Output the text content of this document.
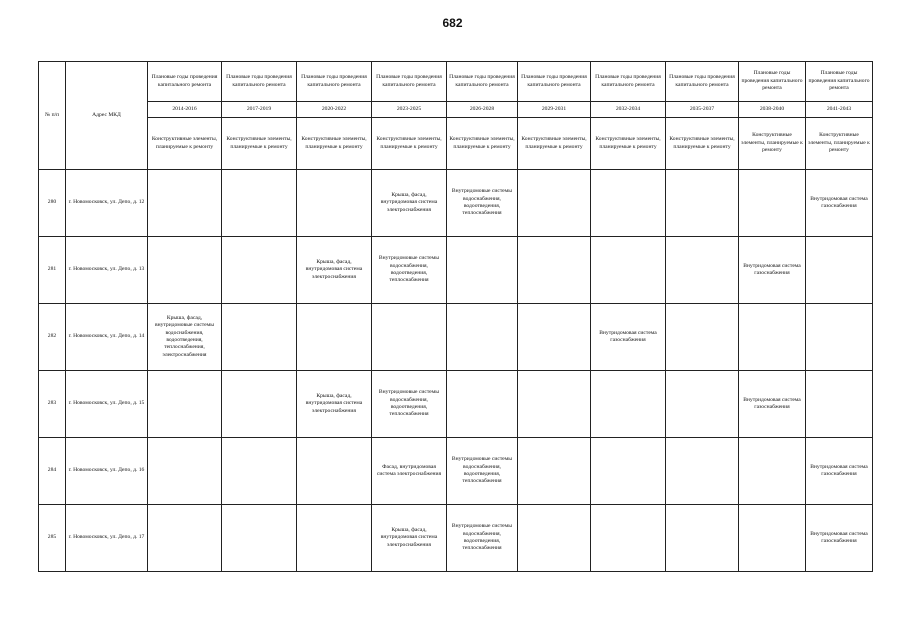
682
№ п/п	Адрес МКД	Плановые годы проведения капитального ремонта	Плановые годы проведения капитального ремонта	Плановые годы проведения капитального ремонта	Плановые годы проведения капитального ремонта	Плановые годы проведения капитального ремонта	Плановые годы проведения капитального ремонта	Плановые годы проведения капитального ремонта	Плановые годы проведения капитального ремонта	Плановые годы проведения капитального ремонта	Плановые годы проведения капитального ремонта
		2014-2016	2017-2019	2020-2022	2023-2025	2026-2028	2029-2031	2032-2034	2035-2037	2038-2040	2041-2043
		Конструктивные элементы, планируемые к ремонту	Конструктивные элементы, планируемые к ремонту	Конструктивные элементы, планируемые к ремонту	Конструктивные элементы, планируемые к ремонту	Конструктивные элементы, планируемые к ремонту	Конструктивные элементы, планируемые к ремонту	Конструктивные элементы, планируемые к ремонту	Конструктивные элементы, планируемые к ремонту	Конструктивные элементы, планируемые к ремонту	Конструктивные элементы, планируемые к ремонту
280	г. Новомосковск, ул. Депо, д. 12				Крыша, фасад, внутридомовая система электроснабжения	Внутридомовые системы водоснабжения, водоотведения, теплоснабжения					Внутридомовая система газоснабжения
281	г. Новомосковск, ул. Депо, д. 13			Крыша, фасад, внутридомовая система электроснабжения	Внутридомовые системы водоснабжения, водоотведения, теплоснабжения					Внутридомовая система газоснабжения	
282	г. Новомосковск, ул. Депо, д. 14	Крыша, фасад, внутридомовые системы водоснабжения, водоотведения, теплоснабжения, электроснабжения						Внутридомовая система газоснабжения			
283	г. Новомосковск, ул. Депо, д. 15			Крыша, фасад, внутридомовая система электроснабжения	Внутридомовые системы водоснабжения, водоотведения, теплоснабжения					Внутридомовая система газоснабжения	
284	г. Новомосковск, ул. Депо, д. 16				Фасад, внутридомовая система электроснабжения	Внутридомовые системы водоснабжения, водоотведения, теплоснабжения					Внутридомовая система газоснабжения
285	г. Новомосковск, ул. Депо, д. 17				Крыша, фасад, внутридомовая система электроснабжения	Внутридомовые системы водоснабжения, водоотведения, теплоснабжения					Внутридомовая система газоснабжения
